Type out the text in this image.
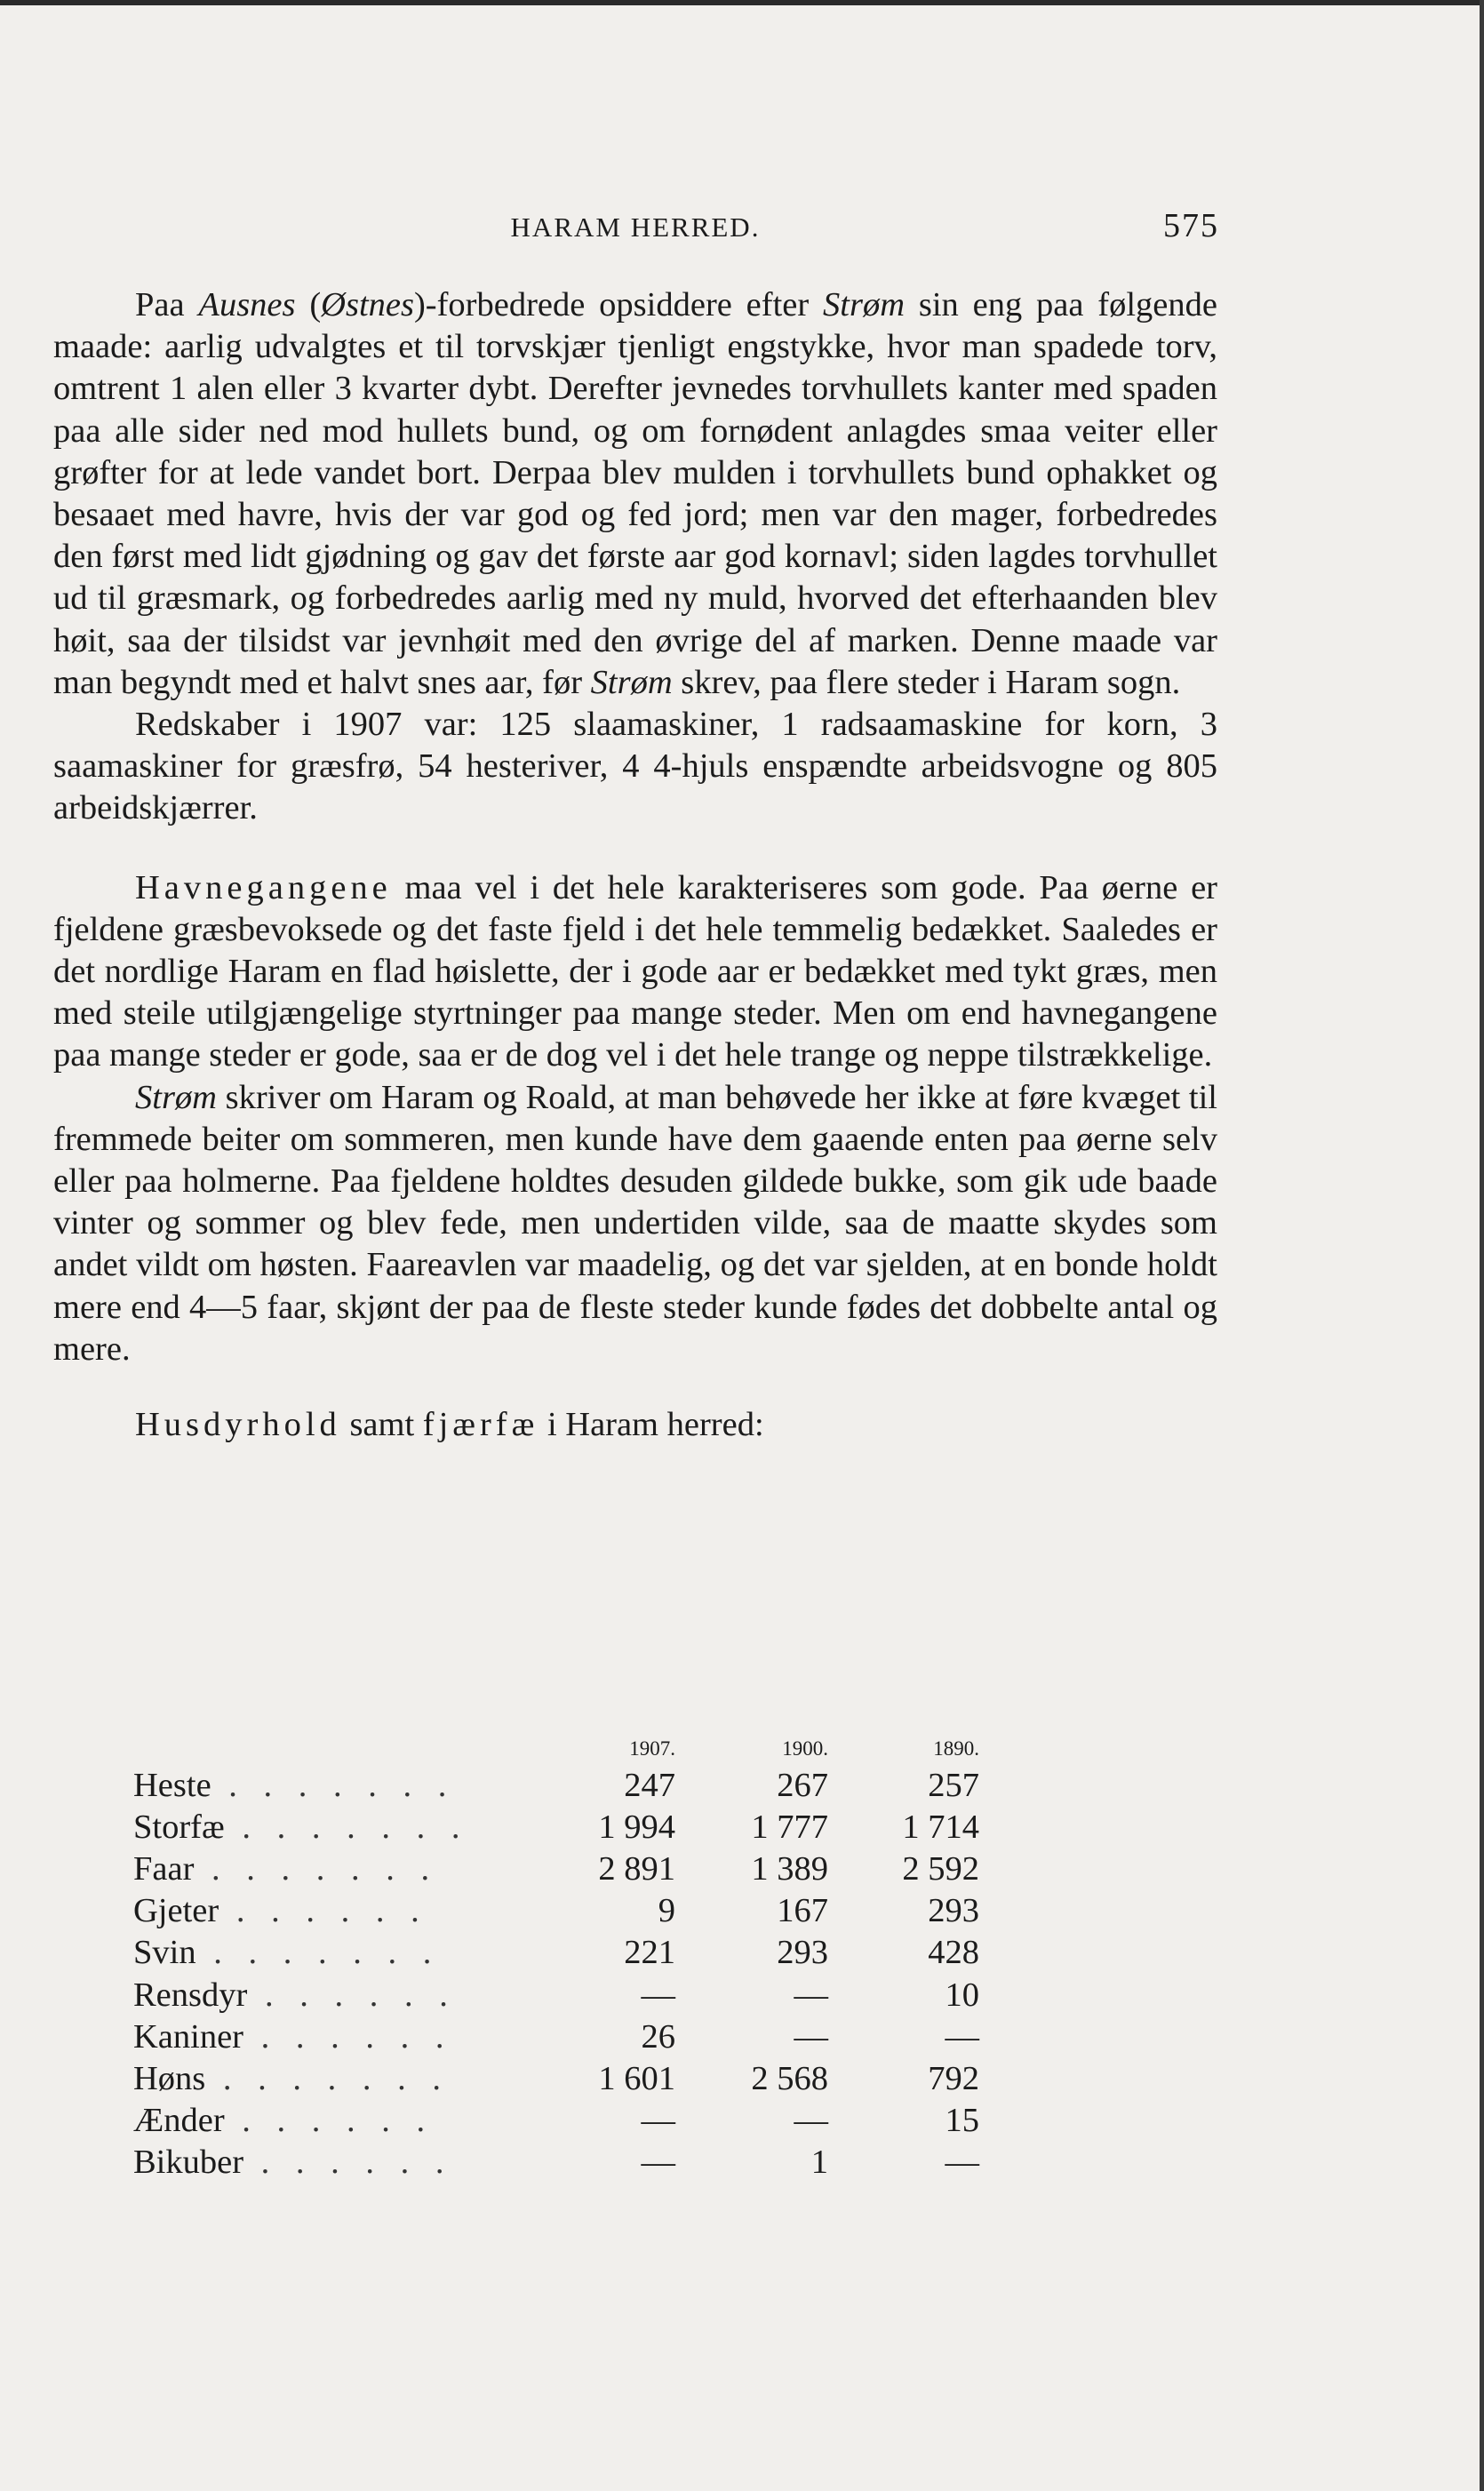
HARAM HERRED.	575

Paa Ausnes (Østnes)-forbedrede opsiddere efter Strøm sin eng paa følgende maade: aarlig udvalgtes et til torvskjær tjenligt engstykke, hvor man spadede torv, omtrent 1 alen eller 3 kvarter dybt. Derefter jevnedes torvhullets kanter med spaden paa alle sider ned mod hullets bund, og om fornødent anlagdes smaa veiter eller grøfter for at lede vandet bort. Derpaa blev mulden i torvhullets bund ophakket og besaaet med havre, hvis der var god og fed jord; men var den mager, forbedredes den først med lidt gjødning og gav det første aar god kornavl; siden lagdes torvhullet ud til græsmark, og forbedredes aarlig med ny muld, hvorved det efterhaanden blev høit, saa der tilsidst var jevnhøit med den øvrige del af marken. Denne maade var man begyndt med et halvt snes aar, før Strøm skrev, paa flere steder i Haram sogn.

Redskaber i 1907 var: 125 slaamaskiner, 1 radsaamaskine for korn, 3 saamaskiner for græsfrø, 54 hesteriver, 4 4-hjuls enspændte arbeidsvogne og 805 arbeidskjærrer.

Havnegangene maa vel i det hele karakteriseres som gode. Paa øerne er fjeldene græsbevoksede og det faste fjeld i det hele temmelig bedækket. Saaledes er det nordlige Haram en flad høislette, der i gode aar er bedækket med tykt græs, men med steile utilgjængelige styrtninger paa mange steder. Men om end havnegangene paa mange steder er gode, saa er de dog vel i det hele trange og neppe tilstrækkelige.

Strøm skriver om Haram og Roald, at man behøvede her ikke at føre kvæget til fremmede beiter om sommeren, men kunde have dem gaaende enten paa øerne selv eller paa holmerne. Paa fjeldene holdtes desuden gildede bukke, som gik ude baade vinter og sommer og blev fede, men undertiden vilde, saa de maatte skydes som andet vildt om høsten. Faareavlen var maadelig, og det var sjelden, at en bonde holdt mere end 4—5 faar, skjønt der paa de fleste steder kunde fødes det dobbelte antal og mere.

Husdyrhold samt fjærfæ i Haram herred:

	1907.	1900.	1890.
Heste . . . . . . .	247	267	257
Storfæ . . . . . . .	1 994	1 777	1 714
Faar . . . . . . .	2 891	1 389	2 592
Gjeter . . . . . .	9	167	293
Svin . . . . . . .	221	293	428
Rensdyr . . . . . .	—	—	10
Kaniner . . . . . .	26	—	—
Høns . . . . . . .	1 601	2 568	792
Ænder . . . . . .	—	—	15
Bikuber . . . . . .	—	1	—
